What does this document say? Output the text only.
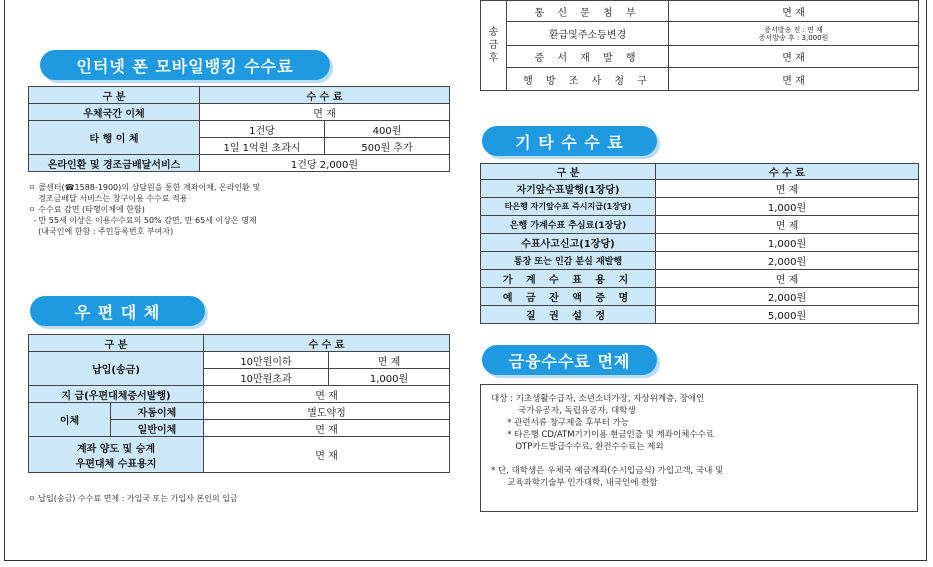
송
금
후	통 신 문 첨 부	면 재
	환급및주소등변경	증서발송 전 : 면 재
증서발송 후 : 3,000원

	증 서 재 발 행	면 재
	행 방 조 사 청 구	면 재
인터넷 폰 모바일뱅킹 수수료
구 분	수 수 료	
우체국간 이체	면 재	
타 행 이 체	1건당	400원
	1일 1억원 초과시	500원 추가
온라인환 및 경조금배달서비스	1건당 2,000원	
ㅇ 콜센터(☎1588-1900)의 상담원을 통한 계좌이체, 온라인환 및
경조금배달 서비스는 창구이용 수수료 적용
ㅇ 수수료 감면 (타행이체에 한함)
- 만 55세 이상은 이용수수료의 50% 감면, 만 65세 이상은 명제
(내국인에 한함 : 주민등록번호 부여자)
우 편 대 체
구 분		수 수 료	
납입(송금)		10만원이하	면 제
		10만원초과	1,000원
지 급(우편대체증서발행)		면 재	
이체	자동이체	별도약정	
	일반이체	면 재	

계좌 양도 및 승계
우편대체 수표용지		면 재	
ㅇ 납입(송금) 수수료 면제 : 가입국 또는 가입사 본인의 입금
기 타 수 수 료
구 분	수 수 료
자기앞수표발행(1장당)	면 제
타은행 자기앞수표 즉시지급(1장당)	1,000원
은행 가계수표 추심료(1장당)	면 제
수표사고신고(1장당)	1,000원
통장 또는 인감 분실 재발행	2,000원
가 계 수 표 용 지	면 제
예 금 잔 액 증 명	2,000원
질 권 설 정	5,000원
금융수수료 면제
대상 : 기초생활수급자, 소년소녀가장, 자상위계층, 장애인
국가유공자, 독립유공자, 대학생
* 관련서류 창구제출 후부터 가능
* 타은행 CD/ATM기기이용 현금인출 및 계좌이체수수료
OTP카드발급수수료, 환전수수료는 제외

* 단, 대학생은 우체국 예금계좌(수시입금식) 가입고객, 국내 및
교육과학기술부 인가대학, 내국인에 한함
